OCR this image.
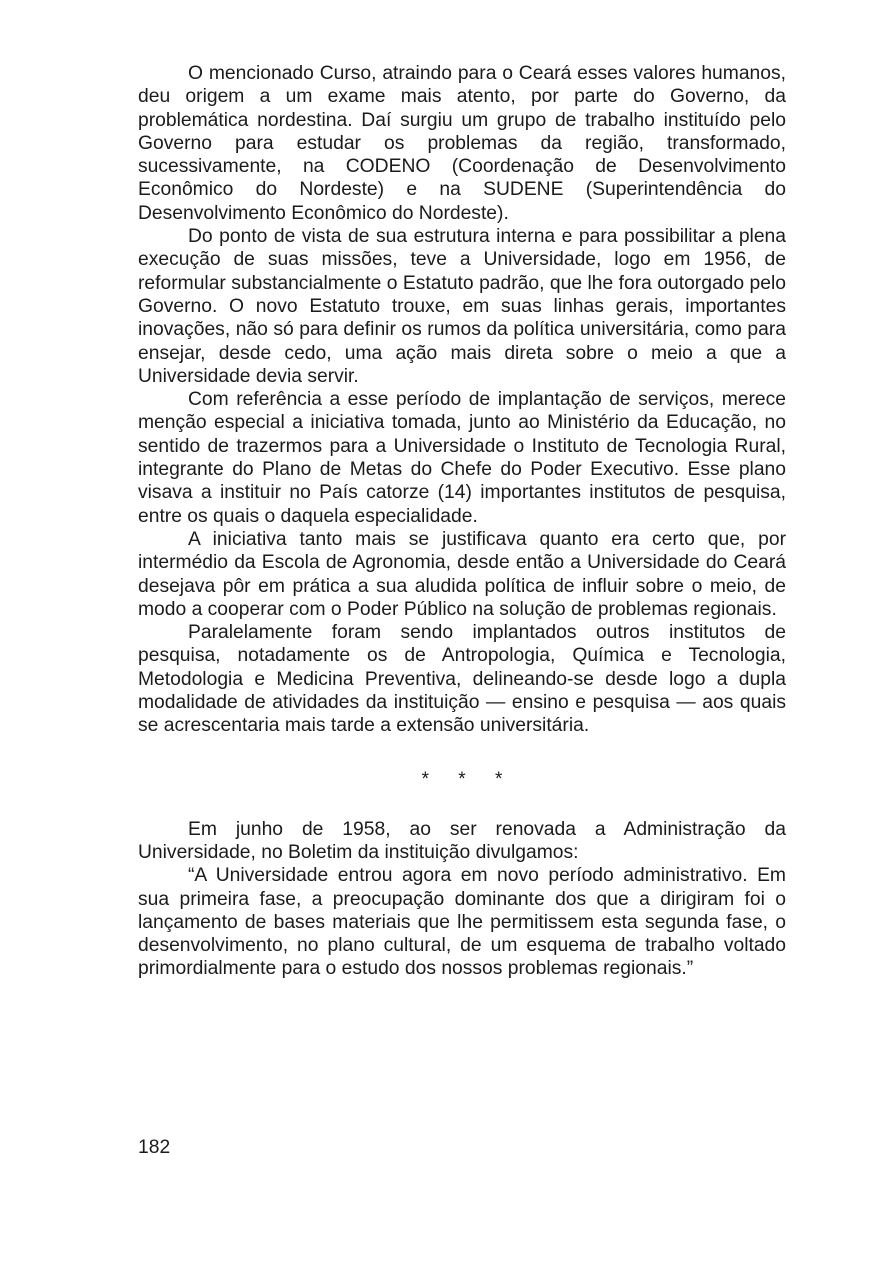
O mencionado Curso, atraindo para o Ceará esses valores humanos, deu origem a um exame mais atento, por parte do Governo, da problemática nordestina. Daí surgiu um grupo de trabalho instituído pelo Governo para estudar os problemas da região, transformado, sucessivamente, na CODENO (Coordenação de Desenvolvimento Econômico do Nordeste) e na SUDENE (Superintendência do Desenvolvimento Econômico do Nordeste).

Do ponto de vista de sua estrutura interna e para possibilitar a plena execução de suas missões, teve a Universidade, logo em 1956, de reformular substancialmente o Estatuto padrão, que lhe fora outorgado pelo Governo. O novo Estatuto trouxe, em suas linhas gerais, importantes inovações, não só para definir os rumos da política universitária, como para ensejar, desde cedo, uma ação mais direta sobre o meio a que a Universidade devia servir.

Com referência a esse período de implantação de serviços, merece menção especial a iniciativa tomada, junto ao Ministério da Educação, no sentido de trazermos para a Universidade o Instituto de Tecnologia Rural, integrante do Plano de Metas do Chefe do Poder Executivo. Esse plano visava a instituir no País catorze (14) importantes institutos de pesquisa, entre os quais o daquela especialidade.

A iniciativa tanto mais se justificava quanto era certo que, por intermédio da Escola de Agronomia, desde então a Universidade do Ceará desejava pôr em prática a sua aludida política de influir sobre o meio, de modo a cooperar com o Poder Público na solução de problemas regionais.

Paralelamente foram sendo implantados outros institutos de pesquisa, notadamente os de Antropologia, Química e Tecnologia, Metodologia e Medicina Preventiva, delineando-se desde logo a dupla modalidade de atividades da instituição — ensino e pesquisa — aos quais se acrescentaria mais tarde a extensão universitária.

* * *

Em junho de 1958, ao ser renovada a Administração da Universidade, no Boletim da instituição divulgamos:

“A Universidade entrou agora em novo período administrativo. Em sua primeira fase, a preocupação dominante dos que a dirigiram foi o lançamento de bases materiais que lhe permitissem esta segunda fase, o desenvolvimento, no plano cultural, de um esquema de trabalho voltado primordialmente para o estudo dos nossos problemas regionais.”

182
